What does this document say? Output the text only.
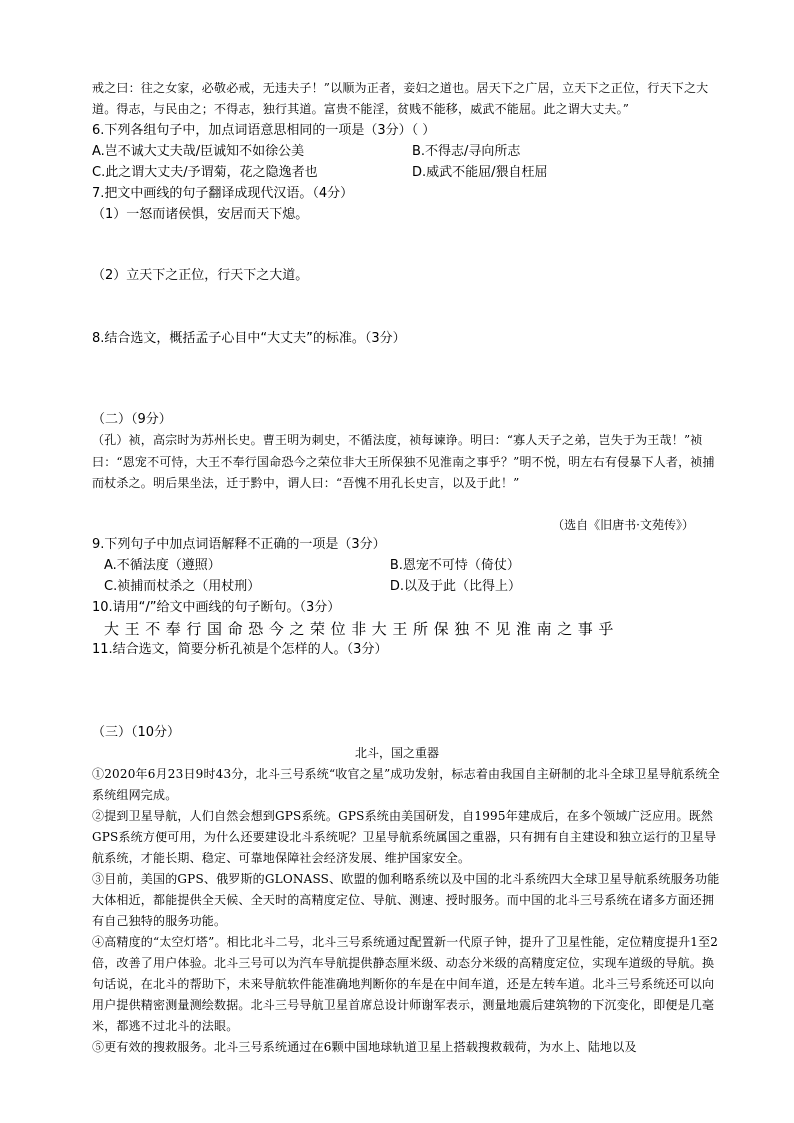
戒之曰：往之女家，必敬必戒，无违夫子！”以顺为正者，妾妇之道也。居天下之广居，立天下之正位，行天下之大道。得志，与民由之；不得志，独行其道。富贵不能淫，贫贱不能移，威武不能屈。此之谓大丈夫。”

6.下列各组句子中，加点词语意思相同的一项是（3分）（ ）

A.岂不诚大丈夫哉/臣诚知不如徐公美	B.不得志/寻向所志
C.此之谓大丈夫/予谓菊，花之隐逸者也	D.威武不能屈/猥自枉屈

7.把文中画线的句子翻译成现代汉语。（4分）

（1）一怒而诸侯惧，安居而天下熄。

（2）立天下之正位，行天下之大道。

8.结合选文，概括孟子心目中“大丈夫”的标准。（3分）

（二）（9分）

（孔）祯，高宗时为苏州长史。曹王明为刺史，不循法度，祯每谏诤。明曰：“寡人天子之弟，岂失于为王哉！”祯曰：“恩宠不可恃，大王不奉行国命恐今之荣位非大王所保独不见淮南之事乎？”明不悦，明左右有侵暴下人者，祯捕而杖杀之。明后果坐法，迁于黔中，谓人曰：“吾愧不用孔长史言，以及于此！”

（选自《旧唐书·文苑传》）

9.下列句子中加点词语解释不正确的一项是（3分）

A.不循法度（遵照）	B.恩宠不可恃（倚仗）
C.祯捕而杖杀之（用杖刑）	D.以及于此（比得上）

10.请用“/”给文中画线的句子断句。（3分）

大王不奉行国命恐今之荣位非大王所保独不见淮南之事乎

11.结合选文，简要分析孔祯是个怎样的人。（3分）

（三）（10分）

北斗，国之重器

①2020年6月23日9时43分，北斗三号系统“收官之星”成功发射，标志着由我国自主研制的北斗全球卫星导航系统全系统组网完成。

②提到卫星导航，人们自然会想到GPS系统。GPS系统由美国研发，自1995年建成后，在多个领域广泛应用。既然GPS系统方便可用，为什么还要建设北斗系统呢？卫星导航系统属国之重器，只有拥有自主建设和独立运行的卫星导航系统，才能长期、稳定、可靠地保障社会经济发展、维护国家安全。

③目前，美国的GPS、俄罗斯的GLONASS、欧盟的伽利略系统以及中国的北斗系统四大全球卫星导航系统服务功能大体相近，都能提供全天候、全天时的高精度定位、导航、测速、授时服务。而中国的北斗三号系统在诸多方面还拥有自己独特的服务功能。

④高精度的“太空灯塔”。相比北斗二号，北斗三号系统通过配置新一代原子钟，提升了卫星性能，定位精度提升1至2倍，改善了用户体验。北斗三号可以为汽车导航提供静态厘米级、动态分米级的高精度定位，实现车道级的导航。换句话说，在北斗的帮助下，未来导航软件能准确地判断你的车是在中间车道，还是左转车道。北斗三号系统还可以向用户提供精密测量测绘数据。北斗三号导航卫星首席总设计师谢军表示，测量地震后建筑物的下沉变化，即便是几毫米，都逃不过北斗的法眼。

⑤更有效的搜救服务。北斗三号系统通过在6颗中国地球轨道卫星上搭载搜救载荷，为水上、陆地以及
